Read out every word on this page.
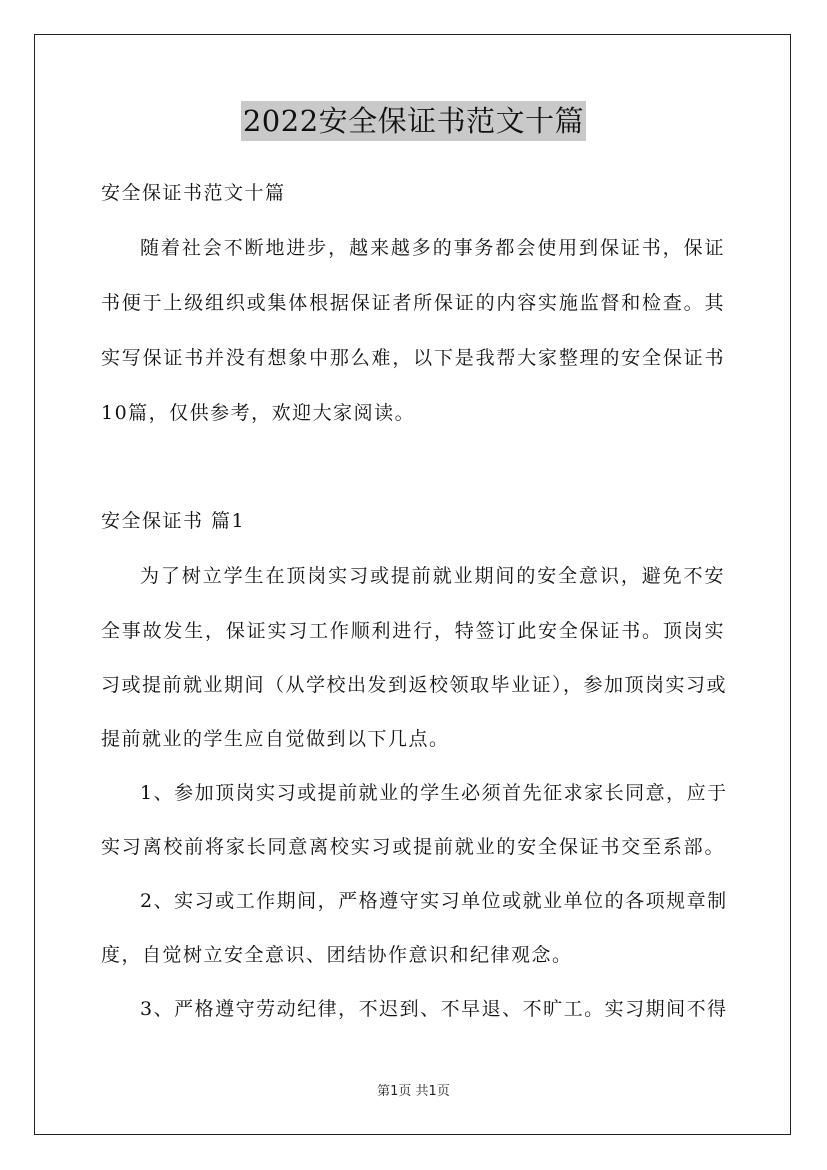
2022安全保证书范文十篇
安全保证书范文十篇
随着社会不断地进步，越来越多的事务都会使用到保证书，保证
书便于上级组织或集体根据保证者所保证的内容实施监督和检查。其
实写保证书并没有想象中那么难，以下是我帮大家整理的安全保证书
10篇，仅供参考，欢迎大家阅读。
安全保证书 篇1
为了树立学生在顶岗实习或提前就业期间的安全意识，避免不安
全事故发生，保证实习工作顺利进行，特签订此安全保证书。顶岗实
习或提前就业期间（从学校出发到返校领取毕业证），参加顶岗实习或
提前就业的学生应自觉做到以下几点。
1、参加顶岗实习或提前就业的学生必须首先征求家长同意，应于
实习离校前将家长同意离校实习或提前就业的安全保证书交至系部。
2、实习或工作期间，严格遵守实习单位或就业单位的各项规章制
度，自觉树立安全意识、团结协作意识和纪律观念。
3、严格遵守劳动纪律，不迟到、不早退、不旷工。实习期间不得
第1页 共1页
